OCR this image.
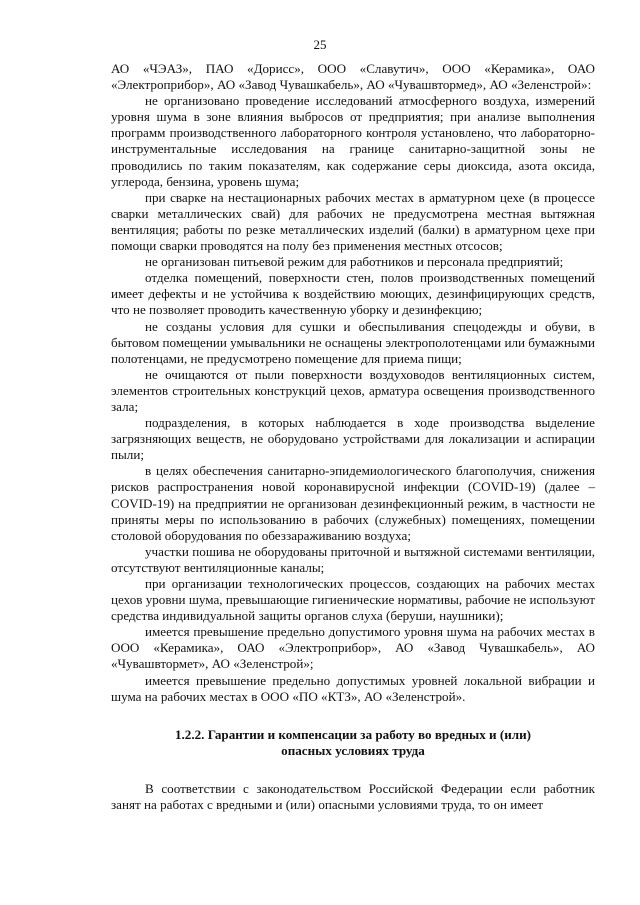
25

АО «ЧЭАЗ», ПАО «Дорисс», ООО «Славутич», ООО «Керамика», ОАО «Электроприбор», АО «Завод Чувашкабель», АО «Чувашвтормед», АО «Зеленстрой»:

не организовано проведение исследований атмосферного воздуха, измерений уровня шума в зоне влияния выбросов от предприятия; при анализе выполнения программ производственного лабораторного контроля установлено, что лабораторно-инструментальные исследования на границе санитарно-защитной зоны не проводились по таким показателям, как содержание серы диоксида, азота оксида, углерода, бензина, уровень шума;

при сварке на нестационарных рабочих местах в арматурном цехе (в процессе сварки металлических свай) для рабочих не предусмотрена местная вытяжная вентиляция; работы по резке металлических изделий (балки) в арматурном цехе при помощи сварки проводятся на полу без применения местных отсосов;

не организован питьевой режим для работников и персонала предприятий;

отделка помещений, поверхности стен, полов производственных помещений имеет дефекты и не устойчива к воздействию моющих, дезинфицирующих средств, что не позволяет проводить качественную уборку и дезинфекцию;

не созданы условия для сушки и обеспыливания спецодежды и обуви, в бытовом помещении умывальники не оснащены электрополотенцами или бумажными полотенцами, не предусмотрено помещение для приема пищи;

не очищаются от пыли поверхности воздуховодов вентиляционных систем, элементов строительных конструкций цехов, арматура освещения производственного зала;

подразделения, в которых наблюдается в ходе производства выделение загрязняющих веществ, не оборудовано устройствами для локализации и аспирации пыли;

в целях обеспечения санитарно-эпидемиологического благополучия, снижения рисков распространения новой коронавирусной инфекции (COVID-19) (далее – COVID-19) на предприятии не организован дезинфекционный режим, в частности не приняты меры по использованию в рабочих (служебных) помещениях, помещении столовой оборудования по обеззараживанию воздуха;

участки пошива не оборудованы приточной и вытяжной системами вентиляции, отсутствуют вентиляционные каналы;

при организации технологических процессов, создающих на рабочих местах цехов уровни шума, превышающие гигиенические нормативы, рабочие не используют средства индивидуальной защиты органов слуха (беруши, наушники);

имеется превышение предельно допустимого уровня шума на рабочих местах в ООО «Керамика», ОАО «Электроприбор», АО «Завод Чувашкабель», АО «Чувашвтормет», АО «Зеленстрой»;

имеется превышение предельно допустимых уровней локальной вибрации и шума на рабочих местах в ООО «ПО «КТЗ», АО «Зеленстрой».

1.2.2. Гарантии и компенсации за работу во вредных и (или)
опасных условиях труда

В соответствии с законодательством Российской Федерации если работник занят на работах с вредными и (или) опасными условиями труда, то он имеет
